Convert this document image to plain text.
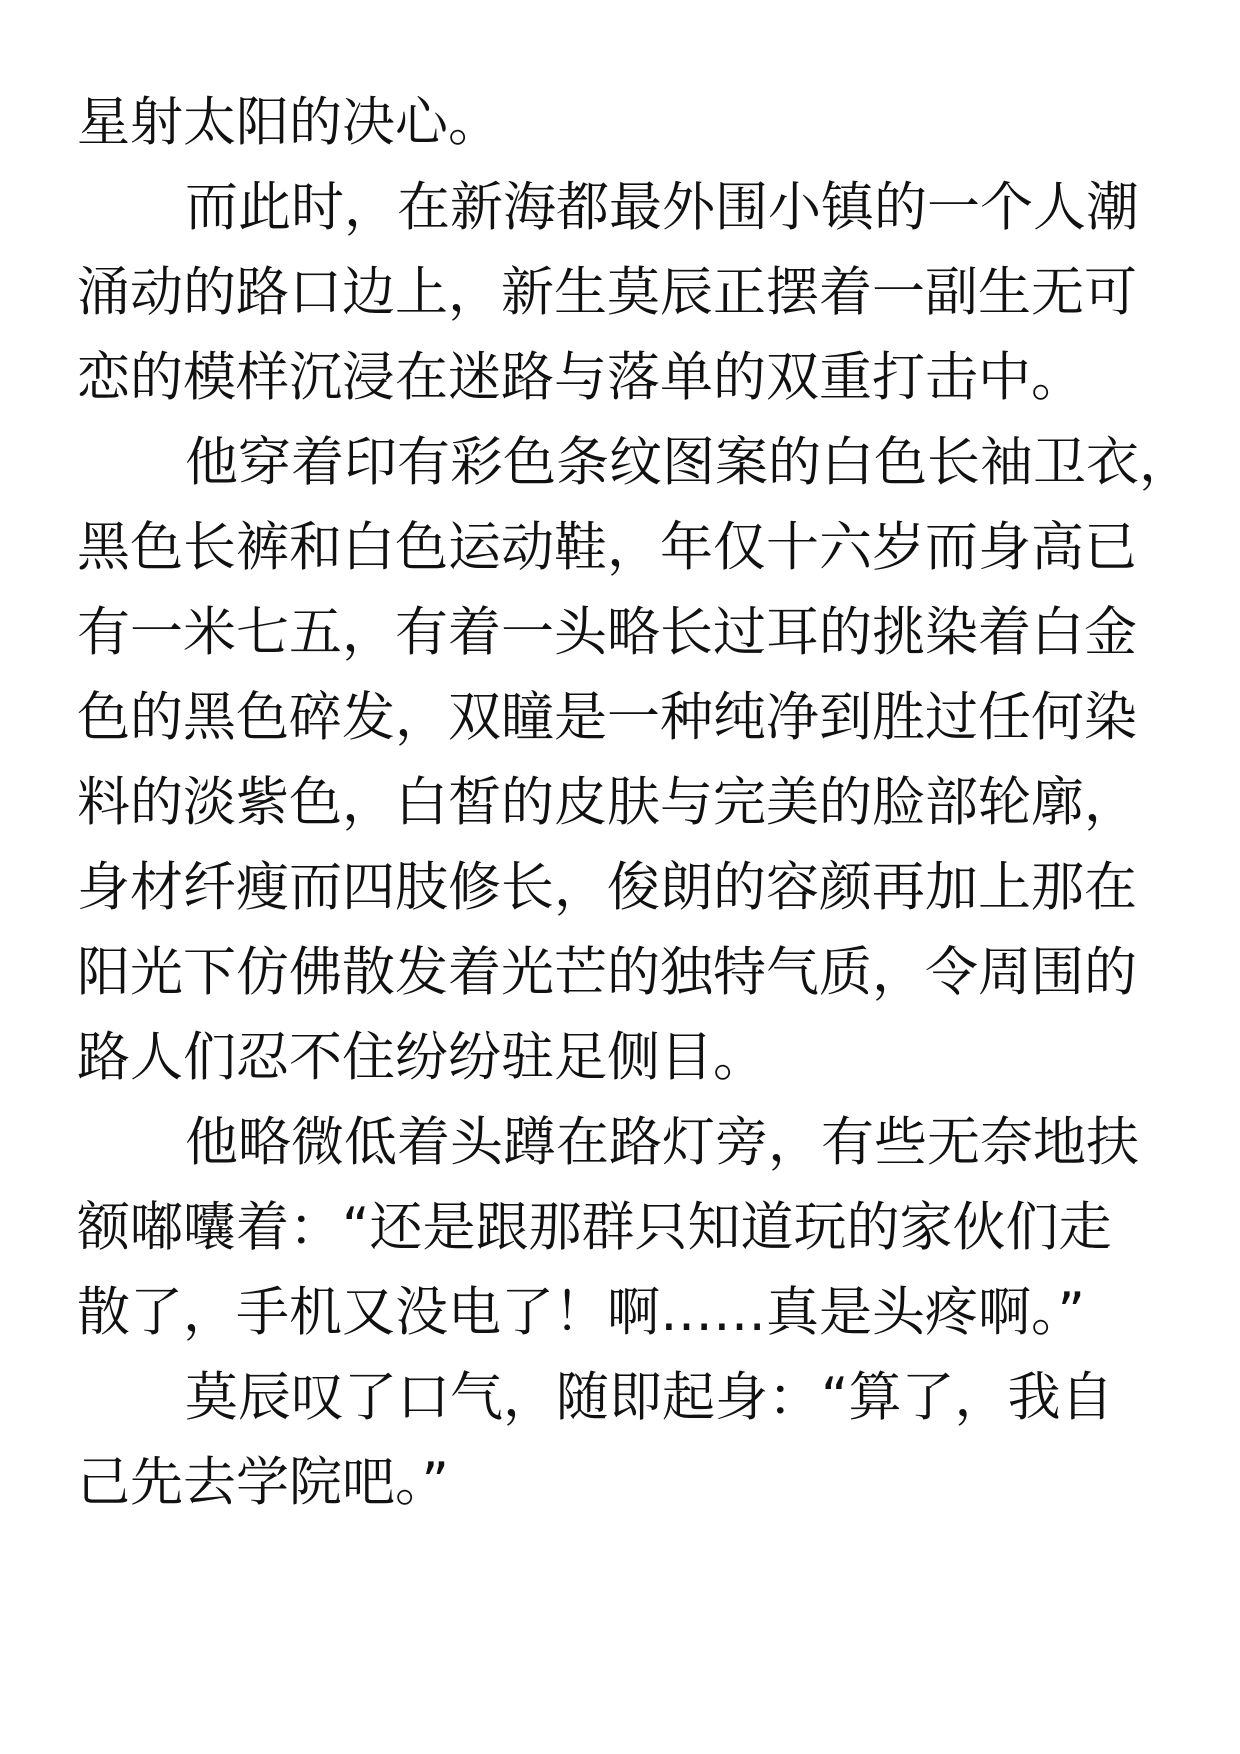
星射太阳的决心。
而此时，在新海都最外围小镇的一个人潮
涌动的路口边上，新生莫辰正摆着一副生无可
恋的模样沉浸在迷路与落单的双重打击中。
他穿着印有彩色条纹图案的白色长袖卫衣，
黑色长裤和白色运动鞋，年仅十六岁而身高已
有一米七五，有着一头略长过耳的挑染着白金
色的黑色碎发，双瞳是一种纯净到胜过任何染
料的淡紫色，白皙的皮肤与完美的脸部轮廓，
身材纤瘦而四肢修长，俊朗的容颜再加上那在
阳光下仿佛散发着光芒的独特气质，令周围的
路人们忍不住纷纷驻足侧目。
他略微低着头蹲在路灯旁，有些无奈地扶
额嘟囔着：“还是跟那群只知道玩的家伙们走
散了，手机又没电了！啊……真是头疼啊。”
莫辰叹了口气，随即起身：“算了，我自
己先去学院吧。”
